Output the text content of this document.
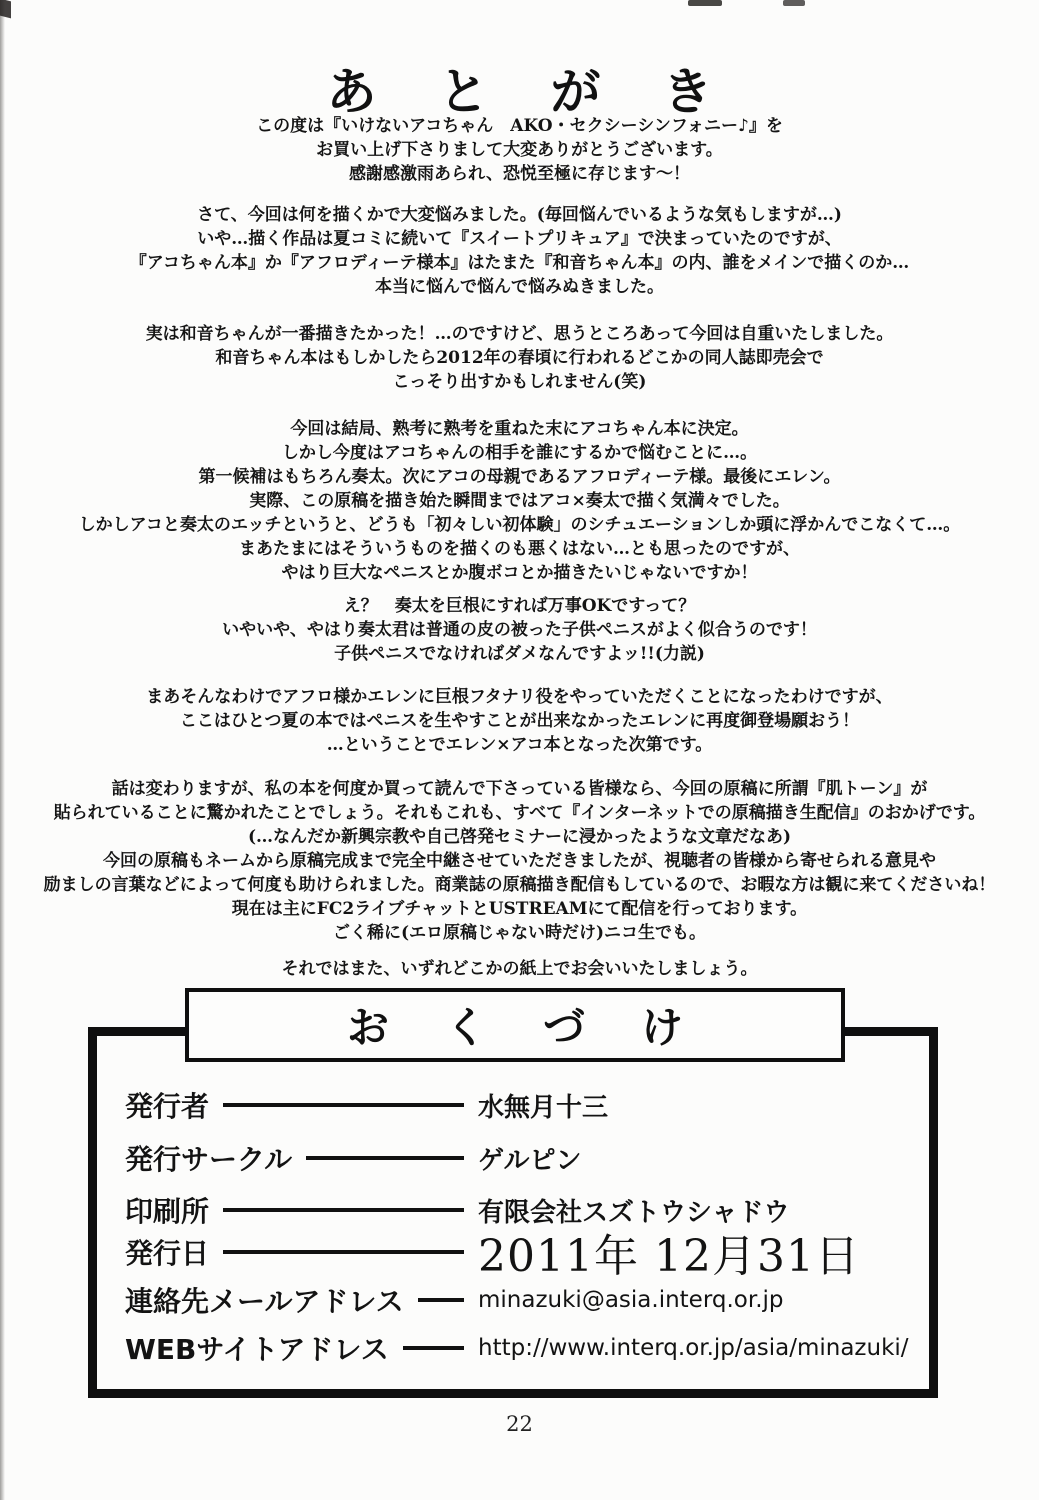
あとがき
この度は『いけないアコちゃん　AKO・セクシーシンフォニー♪』を
お買い上げ下さりまして大変ありがとうございます。
感謝感激雨あられ、恐悦至極に存じます〜！
さて、今回は何を描くかで大変悩みました。(毎回悩んでいるような気もしますが…)
いや…描く作品は夏コミに続いて『スイートプリキュア』で決まっていたのですが、
『アコちゃん本』か『アフロディーテ様本』はたまた『和音ちゃん本』の内、誰をメインで描くのか…
本当に悩んで悩んで悩みぬきました。
実は和音ちゃんが一番描きたかった！…のですけど、思うところあって今回は自重いたしました。
和音ちゃん本はもしかしたら2012年の春頃に行われるどこかの同人誌即売会で
こっそり出すかもしれません(笑)
今回は結局、熟考に熟考を重ねた末にアコちゃん本に決定。
しかし今度はアコちゃんの相手を誰にするかで悩むことに…。
第一候補はもちろん奏太。次にアコの母親であるアフロディーテ様。最後にエレン。
実際、この原稿を描き始た瞬間まではアコ×奏太で描く気満々でした。
しかしアコと奏太のエッチというと、どうも「初々しい初体験」のシチュエーションしか頭に浮かんでこなくて…。
まあたまにはそういうものを描くのも悪くはない…とも思ったのですが、
やはり巨大なペニスとか腹ボコとか描きたいじゃないですか！
え？　奏太を巨根にすれば万事OKですって？
いやいや、やはり奏太君は普通の皮の被った子供ペニスがよく似合うのです！
子供ペニスでなければダメなんですよッ!!(力説)
まあそんなわけでアフロ様かエレンに巨根フタナリ役をやっていただくことになったわけですが、
ここはひとつ夏の本ではペニスを生やすことが出来なかったエレンに再度御登場願おう！
…ということでエレン×アコ本となった次第です。
話は変わりますが、私の本を何度か買って読んで下さっている皆様なら、今回の原稿に所謂『肌トーン』が
貼られていることに驚かれたことでしょう。それもこれも、すべて『インターネットでの原稿描き生配信』のおかげです。
(…なんだか新興宗教や自己啓発セミナーに浸かったような文章だなあ)
今回の原稿もネームから原稿完成まで完全中継させていただきましたが、視聴者の皆様から寄せられる意見や
励ましの言葉などによって何度も助けられました。商業誌の原稿描き配信もしているので、お暇な方は観に来てくださいね！
現在は主にFC2ライブチャットとUSTREAMにて配信を行っております。
ごく稀に(エロ原稿じゃない時だけ)ニコ生でも。
それではまた、いずれどこかの紙上でお会いいたしましょう。
おくづけ
発行者	水無月十三
発行サークル	ゲルピン
印刷所	有限会社スズトウシャドウ
発行日	2011年 12月31日
連絡先メールアドレス	minazuki@asia.interq.or.jp
WEBサイトアドレス	http://www.interq.or.jp/asia/minazuki/
22
